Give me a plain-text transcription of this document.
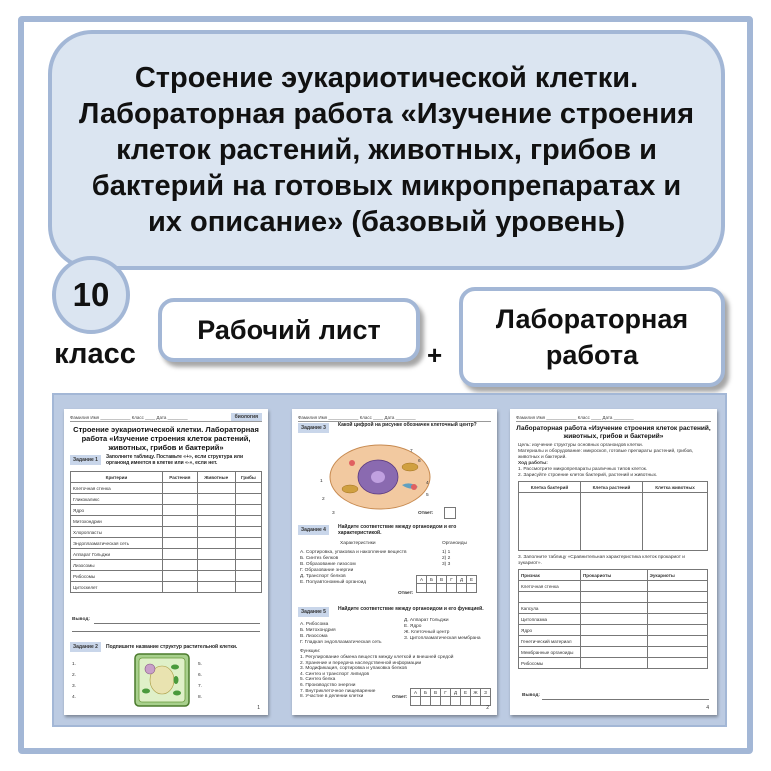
Строение эукариотической клетки. Лабораторная работа «Изучение строения клеток растений, животных, грибов и бактерий на готовых микропрепаратах и их описание» (базовый уровень)
10
класс
Рабочий лист
+
Лабораторная работа
Фамилия Имя ____________ Класс ____ Дата ________	биология
Строение эукариотической клетки. Лабораторная работа «Изучение строения клеток растений, животных, грибов и бактерий»
Задание 1	Заполните таблицу. Поставьте «+», если структура или органоид имеется в клетке или «-», если нет.
Критерии	Растения	Животные	Грибы
Клеточная стенка			
Гликокаликс			
Ядро			
Митохондрии			
Хлоропласты			
Эндоплазматическая сеть			
Аппарат Гольджи			
Лизосомы			
Рибосомы			
Цитоскелет			
Вывод:
Задание 2	Подпишите название структур растительной клетки.
1.
2.
3.
4.
5.
6.
7.
8.
1
Фамилия Имя ____________ Класс ____ Дата ________
Задание 3	Какой цифрой на рисунке обозначен клеточный центр?
1
2
3
4
5
6
7
Ответ:
Задание 4	Найдите соответствие между органоидом и его характеристикой.
Характеристики	Органоиды
А. Сортировка, упаковка и накопление веществ
Б. Синтез белков
В. Образование лизосом
Г. Образование энергии
Д. Транспорт белков
Е. Полуавтономный органоид
1) 1
2) 2
3) 3
Ответ:
А	Б	В	Г	Д	Е

Задание 5	Найдите соответствие между органоидом и его функцией.
А. Рибосома
Б. Митохондрия
В. Лизосома
Г. Гладкая эндоплазматическая сеть
Д. Аппарат Гольджи
Е. Ядро
Ж. Клеточный центр
З. Цитоплазматическая мембрана
Функции:
1. Регулирование обмена веществ между клеткой и внешней средой
2. Хранение и передача наследственной информации
3. Модификация, сортировка и упаковка белков
4. Синтез и транспорт липидов
5. Синтез белка
6. Производство энергии
7. Внутриклеточное пищеварение
8. Участие в делении клетки	Ответ:
А	Б	В	Г	Д	Е	Ж	З

2
Фамилия Имя ____________ Класс ____ Дата ________
Лабораторная работа «Изучение строения клеток растений, животных, грибов и бактерий»
Цель: изучение структуры основных органоидов клетки.
Материалы и оборудование: микроскоп, готовые препараты растений, грибов, животных и бактерий.
Ход работы:
1. Рассмотрите микропрепараты различных типов клеток.
2. Зарисуйте строение клеток бактерий, растений и животных.
Клетка бактерий	Клетка растений	Клетка животных

3. Заполните таблицу «Сравнительная характеристика клеток прокариот и эукариот».
Признак	Прокариоты	Эукариоты
Клеточная стенка		

Капсула		
Цитоплазма		
Ядро		
Генетический материал		
Мембранные органоиды		
Рибосомы		
Вывод:
4
